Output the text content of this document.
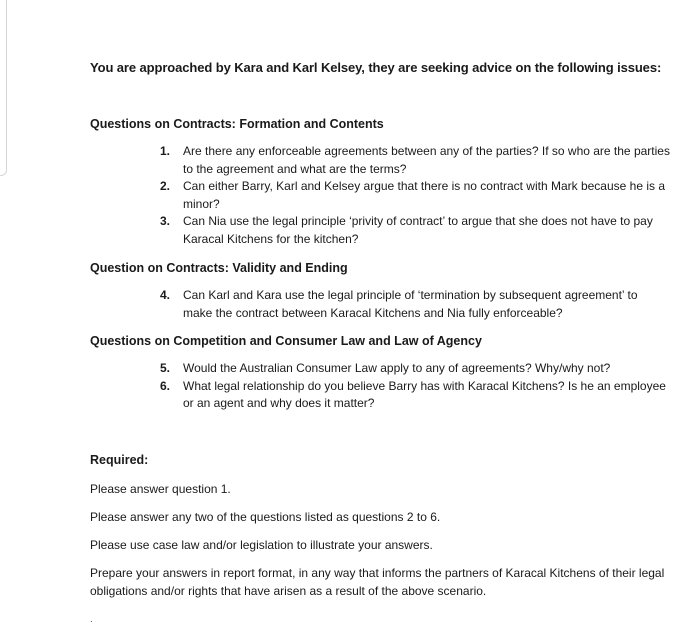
You are approached by Kara and Karl Kelsey, they are seeking advice on the following issues:
Questions on Contracts: Formation and Contents
1.	Are there any enforceable agreements between any of the parties? If so who are the parties to the agreement and what are the terms?
2.	Can either Barry, Karl and Kelsey argue that there is no contract with Mark because he is a minor?
3.	Can Nia use the legal principle ‘privity of contract’ to argue that she does not have to pay Karacal Kitchens for the kitchen?
Question on Contracts: Validity and Ending
4.	Can Karl and Kara use the legal principle of ‘termination by subsequent agreement’ to make the contract between Karacal Kitchens and Nia fully enforceable?
Questions on Competition and Consumer Law and Law of Agency
5.	Would the Australian Consumer Law apply to any of agreements? Why/why not?
6.	What legal relationship do you believe Barry has with Karacal Kitchens? Is he an employee or an agent and why does it matter?
Required:
Please answer question 1.
Please answer any two of the questions listed as questions 2 to 6.
Please use case law and/or legislation to illustrate your answers.
Prepare your answers in report format, in any way that informs the partners of Karacal Kitchens of their legal obligations and/or rights that have arisen as a result of the above scenario.
.
